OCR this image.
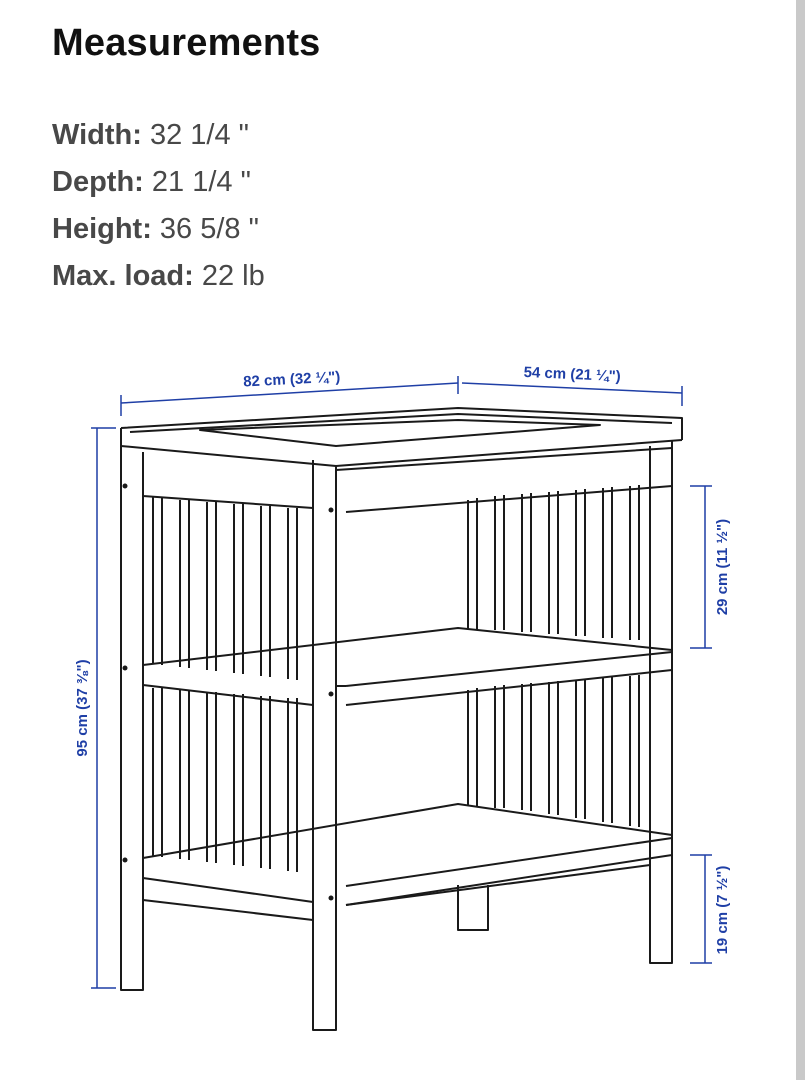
Measurements
Width: 32 1/4 "
Depth: 21 1/4 "
Height: 36 5/8 "
Max. load: 22 lb
82 cm (32 ¼")	54 cm (21 ¼")
95 cm (37 ⅜")
29 cm (11 ½")
19 cm (7 ½")
